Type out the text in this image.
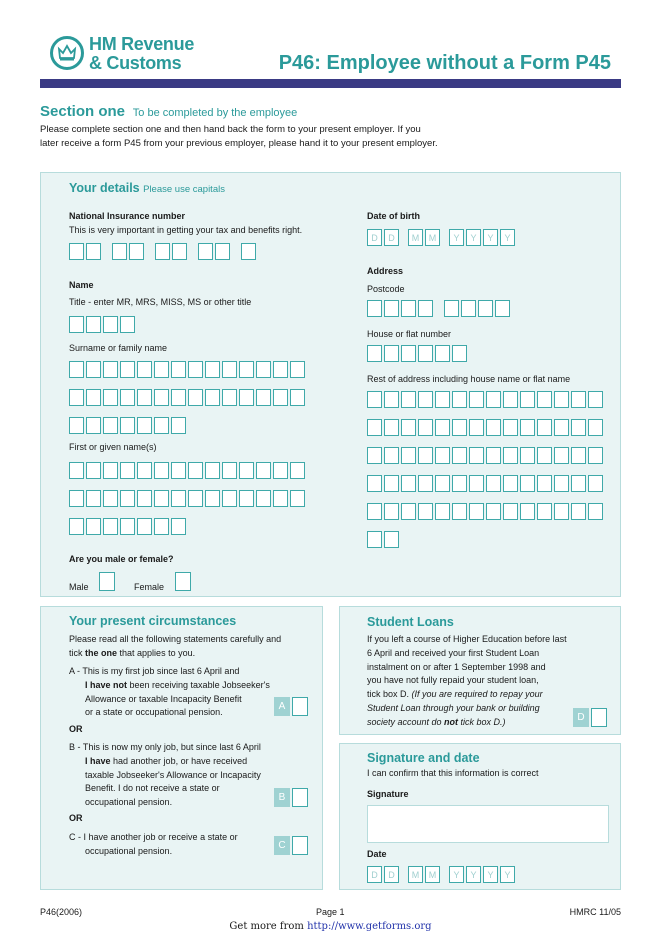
HM Revenue
& Customs	P46: Employee without a Form P45
Section one To be completed by the employee
Please complete section one and then hand back the form to your present employer. If you later receive a form P45 from your previous employer, please hand it to your present employer.
Your details Please use capitals
National Insurance number
This is very important in getting your tax and benefits right.
Name
Title - enter MR, MRS, MISS, MS or other title
Surname or family name
First or given name(s)
Are you male or female?
Male	Female
Date of birth
D	D	M	M	Y	Y	Y	Y
Address
Postcode
House or flat number
Rest of address including house name or flat name
Your present circumstances
Please read all the following statements carefully and
tick the one that applies to you.
A - This is my first job since last 6 April and
I have not been receiving taxable Jobseeker's
Allowance or taxable Incapacity Benefit
or a state or occupational pension.
A
OR
B - This is now my only job, but since last 6 April
I have had another job, or have received
taxable Jobseeker's Allowance or Incapacity
Benefit. I do not receive a state or
occupational pension.	B
OR
C - I have another job or receive a state or
occupational pension.	C
Student Loans
If you left a course of Higher Education before last
6 April and received your first Student Loan
instalment on or after 1 September 1998 and
you have not fully repaid your student loan,
tick box D. (If you are required to repay your
Student Loan through your bank or building
society account do not tick box D.)	D
Signature and date
I can confirm that this information is correct
Signature
Date
D	D	M	M	Y	Y	Y	Y
P46(2006)	Page 1	HMRC 11/05
Get more from http://www.getforms.org
